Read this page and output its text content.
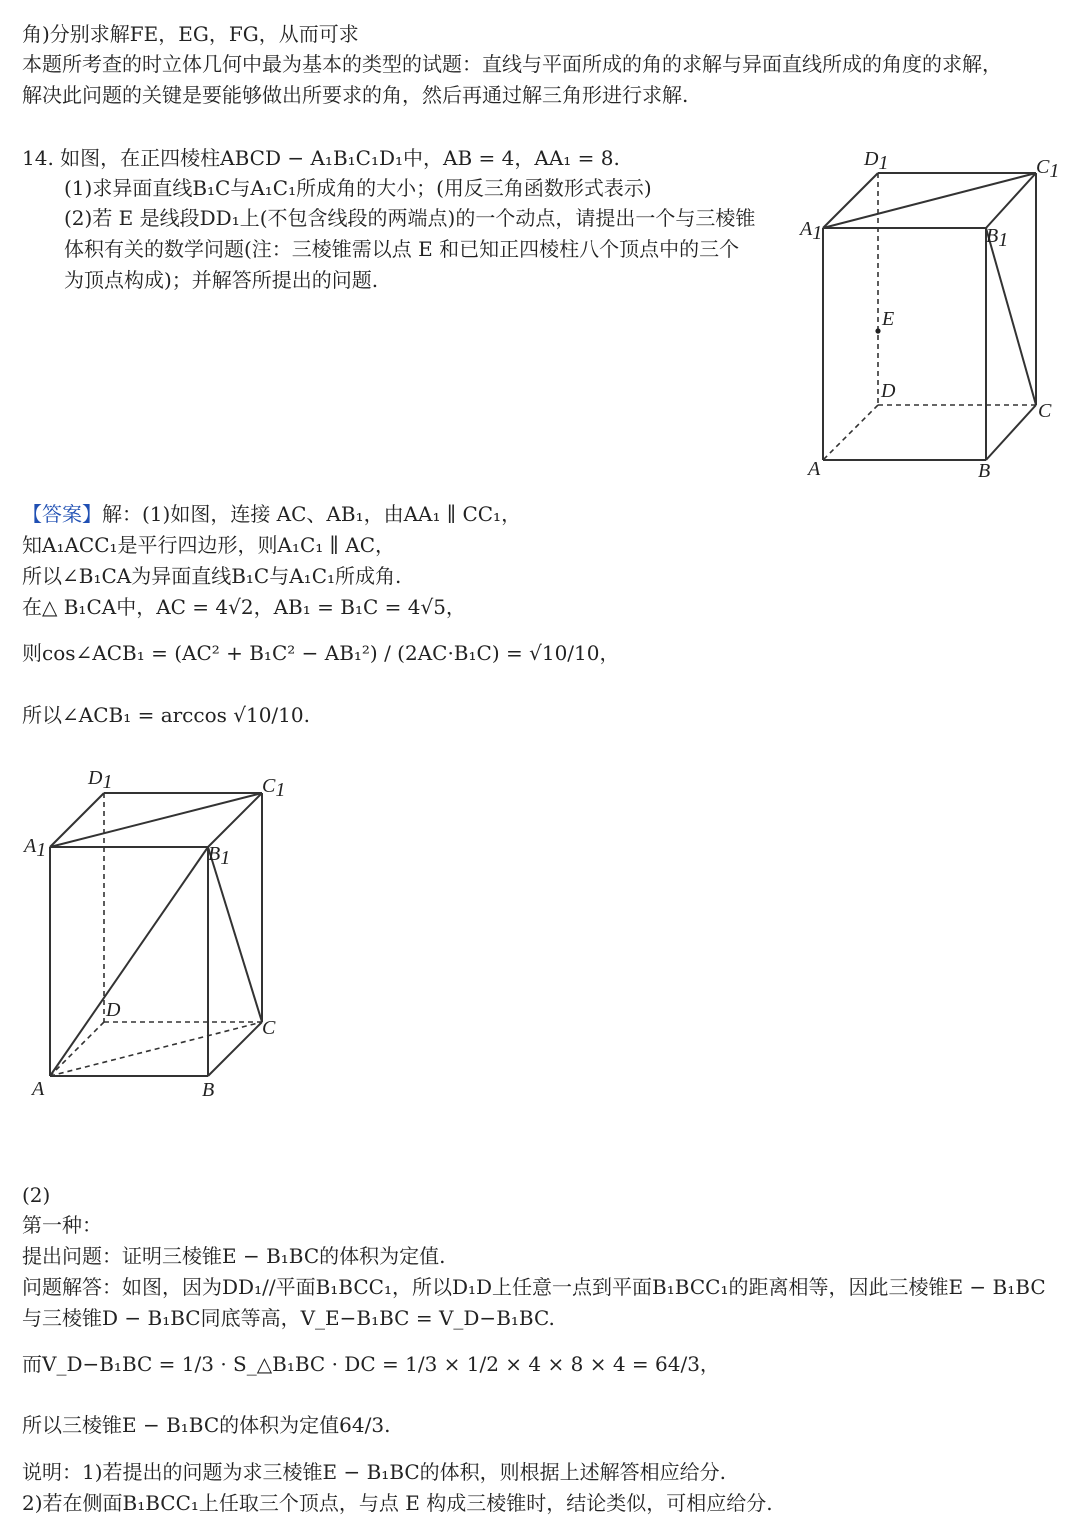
角)分别求解FE，EG，FG，从而可求
本题所考查的时立体几何中最为基本的类型的试题：直线与平面所成的角的求解与异面直线所成的角度的求解，
解决此问题的关键是要能够做出所要求的角，然后再通过解三角形进行求解.
14. 如图，在正四棱柱ABCD − A₁B₁C₁D₁中，AB = 4，AA₁ = 8.
(1)求异面直线B₁C与A₁C₁所成角的大小；(用反三角函数形式表示)
(2)若 E 是线段DD₁上(不包含线段的两端点)的一个动点，请提出一个与三棱锥
体积有关的数学问题(注：三棱锥需以点 E 和已知正四棱柱八个顶点中的三个
为顶点构成)；并解答所提出的问题.
D1	C1
A1	B1
E
D
C
A	B
【答案】解：(1)如图，连接 AC、AB₁，由AA₁ ∥ CC₁，
知A₁ACC₁是平行四边形，则A₁C₁ ∥ AC，
所以∠B₁CA为异面直线B₁C与A₁C₁所成角.
在△ B₁CA中，AC = 4√2，AB₁ = B₁C = 4√5，
则cos∠ACB₁ = (AC² + B₁C² − AB₁²) / (2AC·B₁C) = √10/10，
所以∠ACB₁ = arccos √10/10.
D1	C1
A1	B1
D
C
A	B
(2)
第一种：
提出问题：证明三棱锥E − B₁BC的体积为定值.
问题解答：如图，因为DD₁//平面B₁BCC₁，所以D₁D上任意一点到平面B₁BCC₁的距离相等，因此三棱锥E − B₁BC
与三棱锥D − B₁BC同底等高，V_E−B₁BC = V_D−B₁BC.
而V_D−B₁BC = 1/3 · S_△B₁BC · DC = 1/3 × 1/2 × 4 × 8 × 4 = 64/3，
所以三棱锥E − B₁BC的体积为定值64/3.
说明：1)若提出的问题为求三棱锥E − B₁BC的体积，则根据上述解答相应给分.
2)若在侧面B₁BCC₁上任取三个顶点，与点 E 构成三棱锥时，结论类似，可相应给分.
